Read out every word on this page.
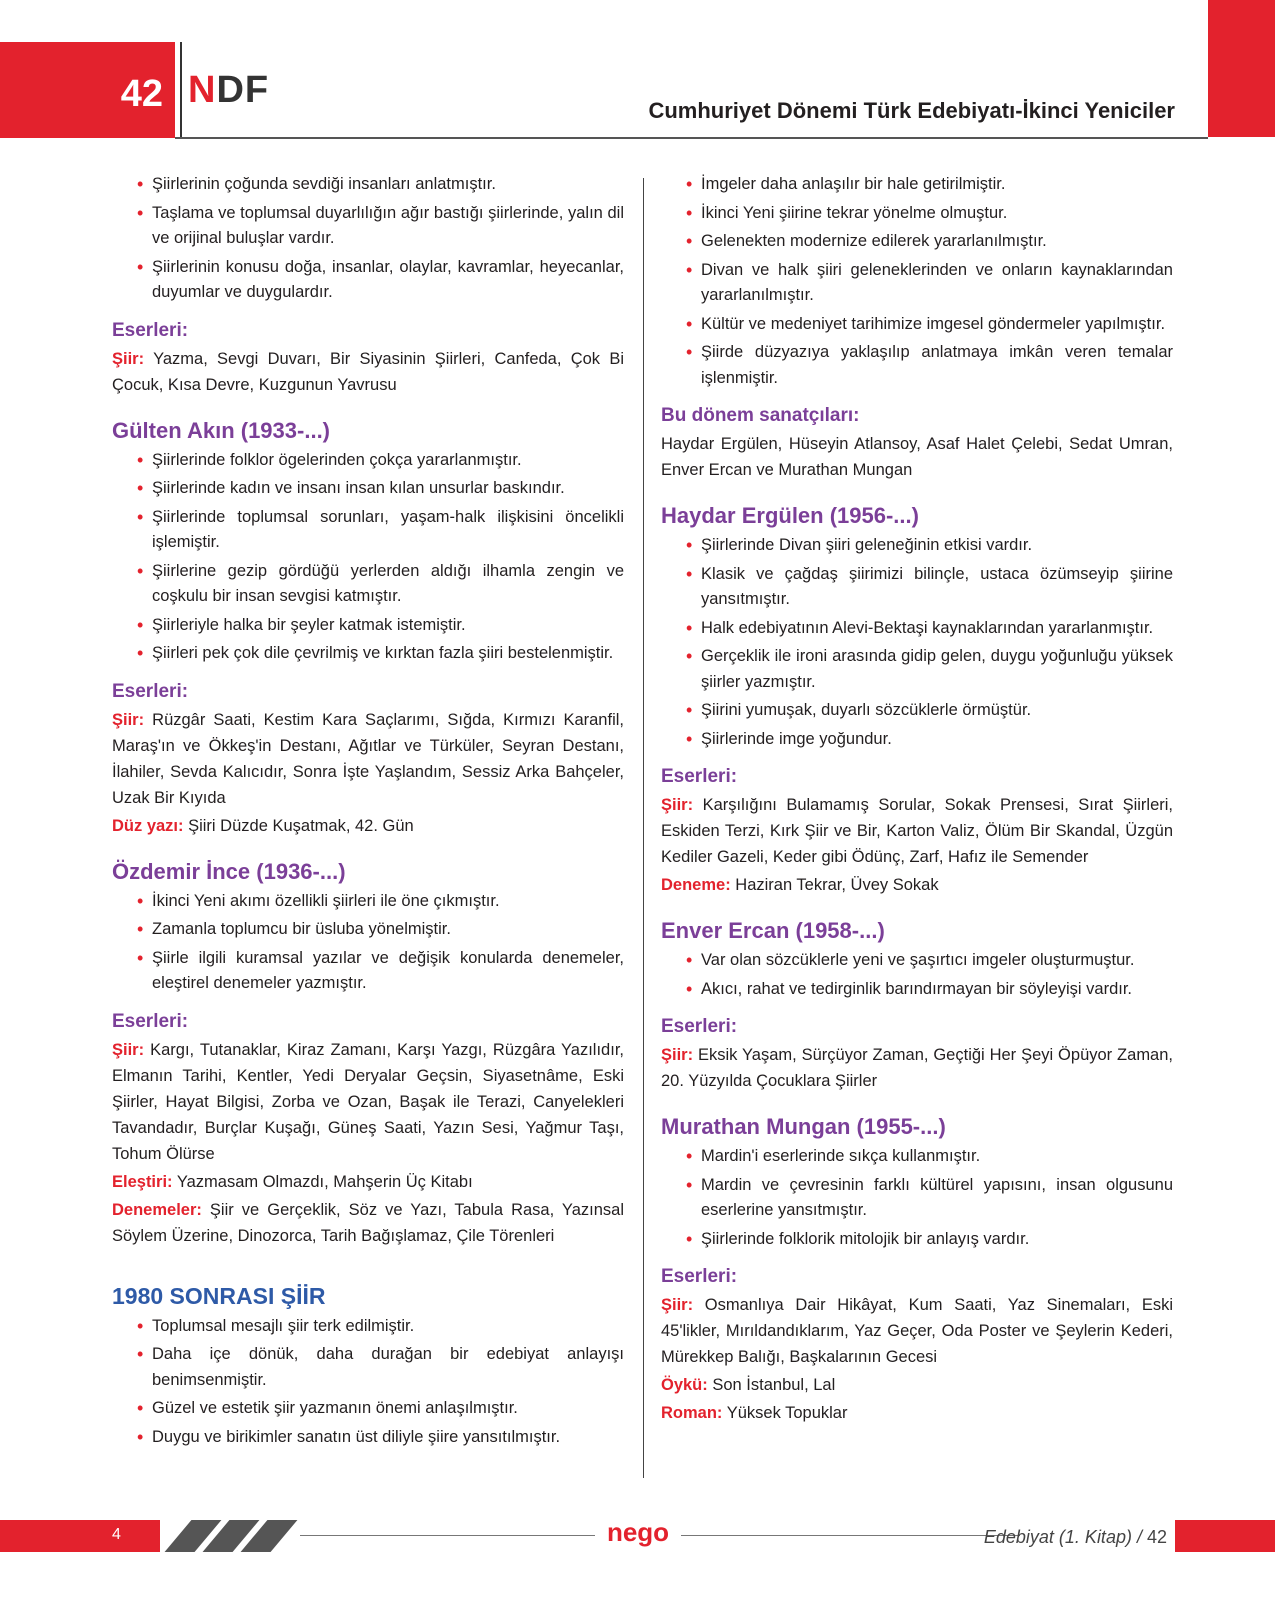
42 NDF	Cumhuriyet Dönemi Türk Edebiyatı-İkinci Yeniciler
• Şiirlerinin çoğunda sevdiği insanları anlatmıştır.
• Taşlama ve toplumsal duyarlılığın ağır bastığı şiirlerinde, yalın dil ve orijinal buluşlar vardır.
• Şiirlerinin konusu doğa, insanlar, olaylar, kavramlar, heyecanlar, duyumlar ve duygulardır.
Eserleri:
Şiir: Yazma, Sevgi Duvarı, Bir Siyasinin Şiirleri, Canfeda, Çok Bi Çocuk, Kısa Devre, Kuzgunun Yavrusu
Gülten Akın (1933-...)
• Şiirlerinde folklor ögelerinden çokça yararlanmıştır.
• Şiirlerinde kadın ve insanı insan kılan unsurlar baskındır.
• Şiirlerinde toplumsal sorunları, yaşam-halk ilişkisini öncelikli işlemiştir.
• Şiirlerine gezip gördüğü yerlerden aldığı ilhamla zengin ve coşkulu bir insan sevgisi katmıştır.
• Şiirleriyle halka bir şeyler katmak istemiştir.
• Şiirleri pek çok dile çevrilmiş ve kırktan fazla şiiri bestelenmiştir.
Eserleri:
Şiir: Rüzgâr Saati, Kestim Kara Saçlarımı, Sığda, Kırmızı Karanfil, Maraş'ın ve Ökkeş'in Destanı, Ağıtlar ve Türküler, Seyran Destanı, İlahiler, Sevda Kalıcıdır, Sonra İşte Yaşlandım, Sessiz Arka Bahçeler, Uzak Bir Kıyıda
Düz yazı: Şiiri Düzde Kuşatmak, 42. Gün
Özdemir İnce (1936-...)
• İkinci Yeni akımı özellikli şiirleri ile öne çıkmıştır.
• Zamanla toplumcu bir üsluba yönelmiştir.
• Şiirle ilgili kuramsal yazılar ve değişik konularda denemeler, eleştirel denemeler yazmıştır.
Eserleri:
Şiir: Kargı, Tutanaklar, Kiraz Zamanı, Karşı Yazgı, Rüzgâra Yazılıdır, Elmanın Tarihi, Kentler, Yedi Deryalar Geçsin, Siyasetnâme, Eski Şiirler, Hayat Bilgisi, Zorba ve Ozan, Başak ile Terazi, Canyelekleri Tavandadır, Burçlar Kuşağı, Güneş Saati, Yazın Sesi, Yağmur Taşı, Tohum Ölürse
Eleştiri: Yazmasam Olmazdı, Mahşerin Üç Kitabı
Denemeler: Şiir ve Gerçeklik, Söz ve Yazı, Tabula Rasa, Yazınsal Söylem Üzerine, Dinozorca, Tarih Bağışlamaz, Çile Törenleri
1980 SONRASI ŞİİR
• Toplumsal mesajlı şiir terk edilmiştir.
• Daha içe dönük, daha durağan bir edebiyat anlayışı benimsenmiştir.
• Güzel ve estetik şiir yazmanın önemi anlaşılmıştır.
• Duygu ve birikimler sanatın üst diliyle şiire yansıtılmıştır.
• İmgeler daha anlaşılır bir hale getirilmiştir.
• İkinci Yeni şiirine tekrar yönelme olmuştur.
• Gelenekten modernize edilerek yararlanılmıştır.
• Divan ve halk şiiri geleneklerinden ve onların kaynaklarından yararlanılmıştır.
• Kültür ve medeniyet tarihimize imgesel göndermeler yapılmıştır.
• Şiirde düzyazıya yaklaşılıp anlatmaya imkân veren temalar işlenmiştir.
Bu dönem sanatçıları:
Haydar Ergülen, Hüseyin Atlansoy, Asaf Halet Çelebi, Sedat Umran, Enver Ercan ve Murathan Mungan
Haydar Ergülen (1956-...)
• Şiirlerinde Divan şiiri geleneğinin etkisi vardır.
• Klasik ve çağdaş şiirimizi bilinçle, ustaca özümseyip şiirine yansıtmıştır.
• Halk edebiyatının Alevi-Bektaşi kaynaklarından yararlanmıştır.
• Gerçeklik ile ironi arasında gidip gelen, duygu yoğunluğu yüksek şiirler yazmıştır.
• Şiirini yumuşak, duyarlı sözcüklerle örmüştür.
• Şiirlerinde imge yoğundur.
Eserleri:
Şiir: Karşılığını Bulamamış Sorular, Sokak Prensesi, Sırat Şiirleri, Eskiden Terzi, Kırk Şiir ve Bir, Karton Valiz, Ölüm Bir Skandal, Üzgün Kediler Gazeli, Keder gibi Ödünç, Zarf, Hafız ile Semender
Deneme: Haziran Tekrar, Üvey Sokak
Enver Ercan (1958-...)
• Var olan sözcüklerle yeni ve şaşırtıcı imgeler oluşturmuştur.
• Akıcı, rahat ve tedirginlik barındırmayan bir söyleyişi vardır.
Eserleri:
Şiir: Eksik Yaşam, Sürçüyor Zaman, Geçtiği Her Şeyi Öpüyor Zaman, 20. Yüzyılda Çocuklara Şiirler
Murathan Mungan (1955-...)
• Mardin'i eserlerinde sıkça kullanmıştır.
• Mardin ve çevresinin farklı kültürel yapısını, insan olgusunu eserlerine yansıtmıştır.
• Şiirlerinde folklorik mitolojik bir anlayış vardır.
Eserleri:
Şiir: Osmanlıya Dair Hikâyat, Kum Saati, Yaz Sinemaları, Eski 45'likler, Mırıldandıklarım, Yaz Geçer, Oda Poster ve Şeylerin Kederi, Mürekkep Balığı, Başkalarının Gecesi
Öykü: Son İstanbul, Lal
Roman: Yüksek Topuklar
4	nego	Edebiyat (1. Kitap) / 42
